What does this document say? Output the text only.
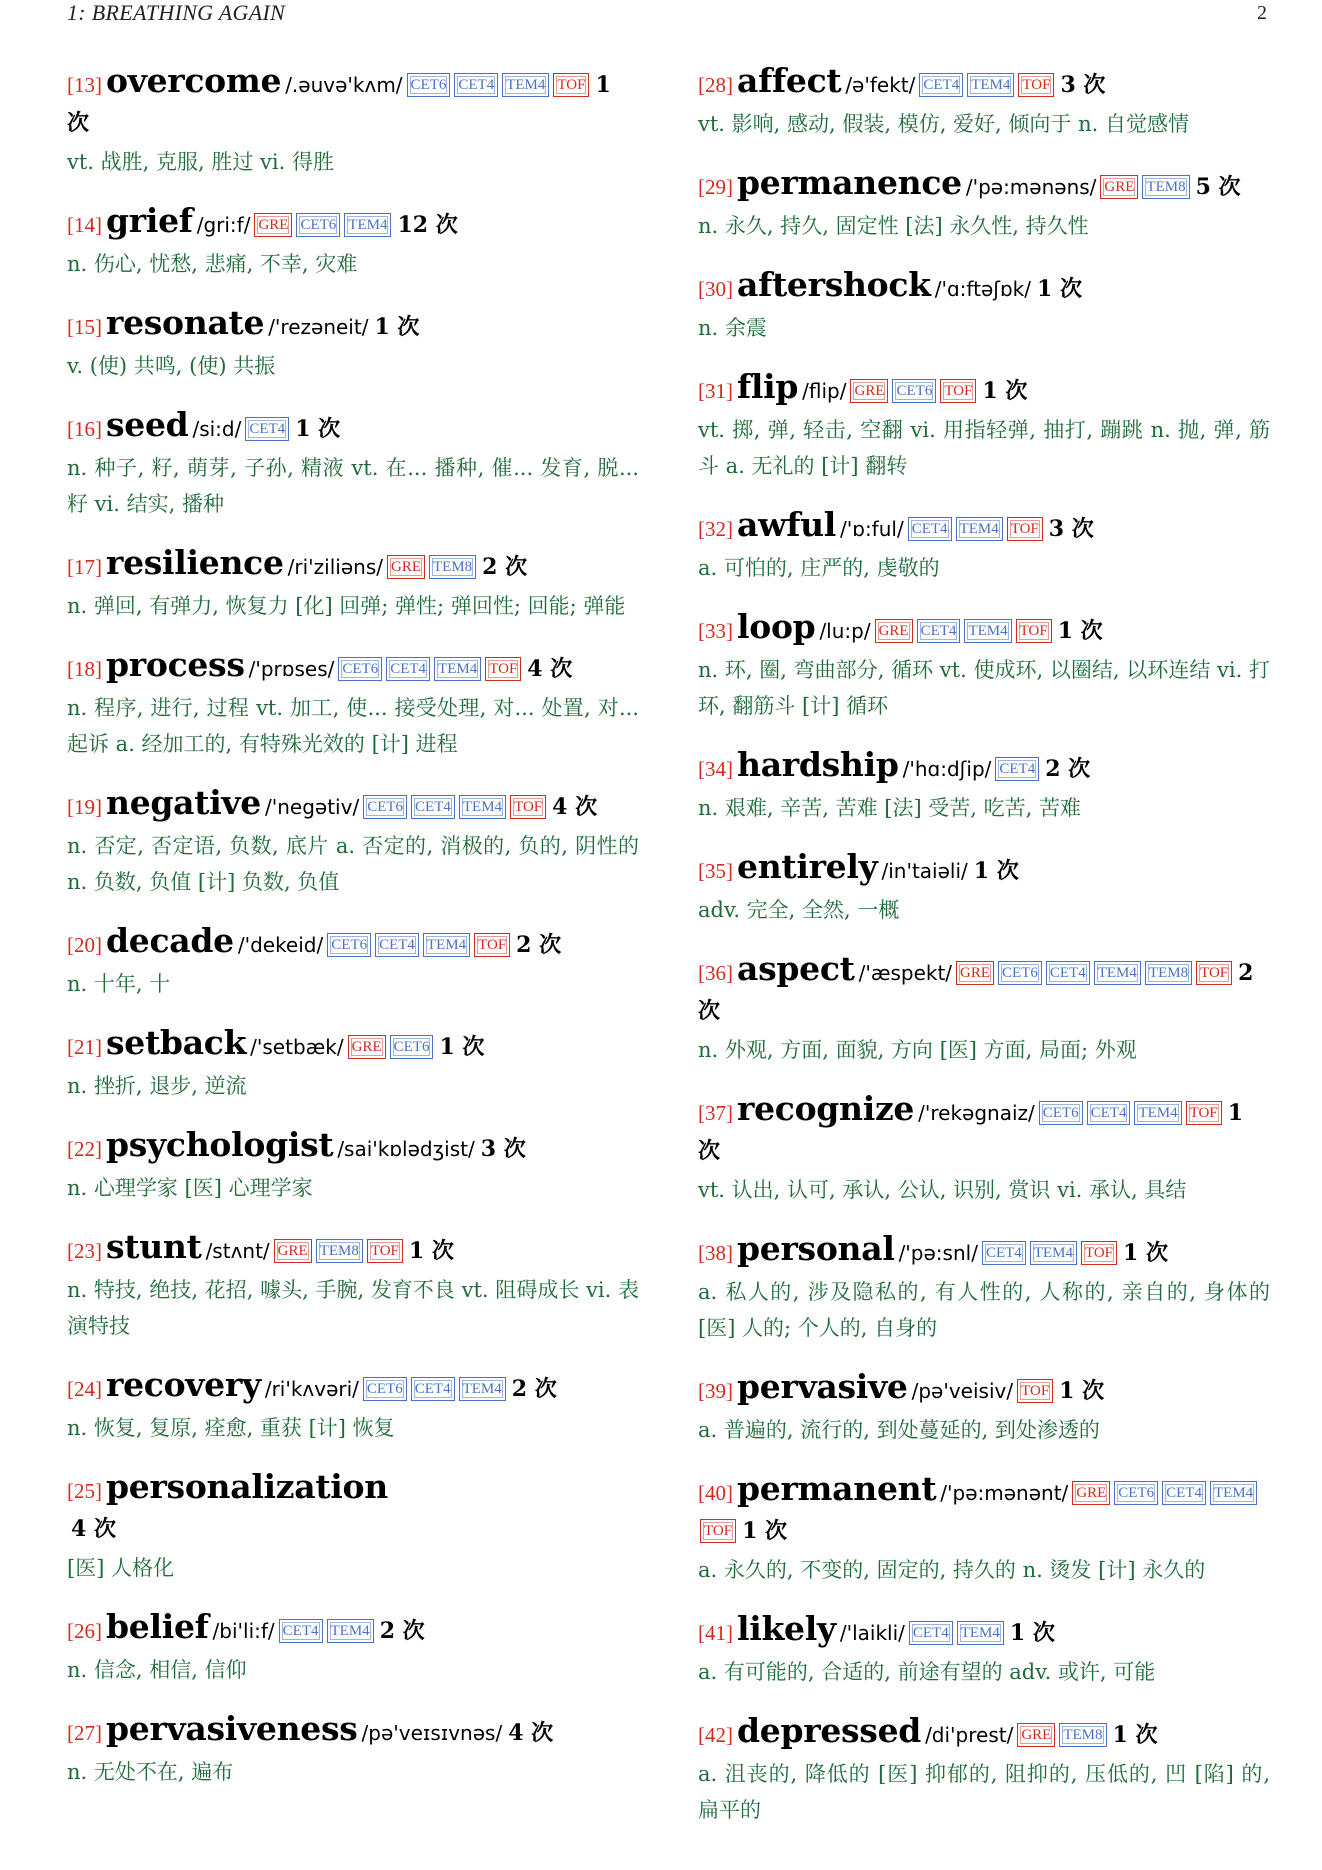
1: BREATHING AGAIN	2
[13] overcome /.əuvə'kʌm/ CET6 CET4 TEM4 TOF 1 次
vt. 战胜, 克服, 胜过 vi. 得胜
[14] grief /gri:f/ GRE CET6 TEM4 12 次
n. 伤心, 忧愁, 悲痛, 不幸, 灾难
[15] resonate /'rezəneit/ 1 次
v. (使) 共鸣, (使) 共振
[16] seed /si:d/ CET4 1 次
n. 种子, 籽, 萌芽, 子孙, 精液 vt. 在... 播种, 催... 发育, 脱... 籽 vi. 结实, 播种
[17] resilience /ri'ziliəns/ GRE TEM8 2 次
n. 弹回, 有弹力, 恢复力 [化] 回弹; 弹性; 弹回性; 回能; 弹能
[18] process /'prɒses/ CET6 CET4 TEM4 TOF 4 次
n. 程序, 进行, 过程 vt. 加工, 使... 接受处理, 对... 处置, 对... 起诉 a. 经加工的, 有特殊光效的 [计] 进程
[19] negative /'negətiv/ CET6 CET4 TEM4 TOF 4 次
n. 否定, 否定语, 负数, 底片 a. 否定的, 消极的, 负的, 阴性的 n. 负数, 负值 [计] 负数, 负值
[20] decade /'dekeid/ CET6 CET4 TEM4 TOF 2 次
n. 十年, 十
[21] setback /'setbæk/ GRE CET6 1 次
n. 挫折, 退步, 逆流
[22] psychologist /sai'kɒlədʒist/ 3 次
n. 心理学家 [医] 心理学家
[23] stunt /stʌnt/ GRE TEM8 TOF 1 次
n. 特技, 绝技, 花招, 噱头, 手腕, 发育不良 vt. 阻碍成长 vi. 表演特技
[24] recovery /ri'kʌvəri/ CET6 CET4 TEM4 2 次
n. 恢复, 复原, 痊愈, 重获 [计] 恢复
[25] personalization
4 次
[医] 人格化
[26] belief /bi'li:f/ CET4 TEM4 2 次
n. 信念, 相信, 信仰
[27] pervasiveness /pə'veɪsɪvnəs/ 4 次
n. 无处不在, 遍布
[28] affect /ə'fekt/ CET4 TEM4 TOF 3 次
vt. 影响, 感动, 假装, 模仿, 爱好, 倾向于 n. 自觉感情
[29] permanence /'pə:mənəns/ GRE TEM8 5 次
n. 永久, 持久, 固定性 [法] 永久性, 持久性
[30] aftershock /'ɑ:ftəʃɒk/ 1 次
n. 余震
[31] flip /flip/ GRE CET6 TOF 1 次
vt. 掷, 弹, 轻击, 空翻 vi. 用指轻弹, 抽打, 蹦跳 n. 抛, 弹, 筋斗 a. 无礼的 [计] 翻转
[32] awful /'ɒ:ful/ CET4 TEM4 TOF 3 次
a. 可怕的, 庄严的, 虔敬的
[33] loop /lu:p/ GRE CET4 TEM4 TOF 1 次
n. 环, 圈, 弯曲部分, 循环 vt. 使成环, 以圈结, 以环连结 vi. 打环, 翻筋斗 [计] 循环
[34] hardship /'hɑ:dʃip/ CET4 2 次
n. 艰难, 辛苦, 苦难 [法] 受苦, 吃苦, 苦难
[35] entirely /in'taiəli/ 1 次
adv. 完全, 全然, 一概
[36] aspect /'æspekt/ GRE CET6 CET4 TEM4 TEM8 TOF 2 次
n. 外观, 方面, 面貌, 方向 [医] 方面, 局面; 外观
[37] recognize /'rekəgnaiz/ CET6 CET4 TEM4 TOF 1 次
vt. 认出, 认可, 承认, 公认, 识别, 赏识 vi. 承认, 具结
[38] personal /'pə:snl/ CET4 TEM4 TOF 1 次
a. 私人的, 涉及隐私的, 有人性的, 人称的, 亲自的, 身体的 [医] 人的; 个人的, 自身的
[39] pervasive /pə'veisiv/ TOF 1 次
a. 普遍的, 流行的, 到处蔓延的, 到处渗透的
[40] permanent /'pə:mənənt/ GRE CET6 CET4 TEM4TOF 1 次
a. 永久的, 不变的, 固定的, 持久的 n. 烫发 [计] 永久的
[41] likely /'laikli/ CET4 TEM4 1 次
a. 有可能的, 合适的, 前途有望的 adv. 或许, 可能
[42] depressed /di'prest/ GRE TEM8 1 次
a. 沮丧的, 降低的 [医] 抑郁的, 阻抑的, 压低的, 凹 [陷] 的, 扁平的
